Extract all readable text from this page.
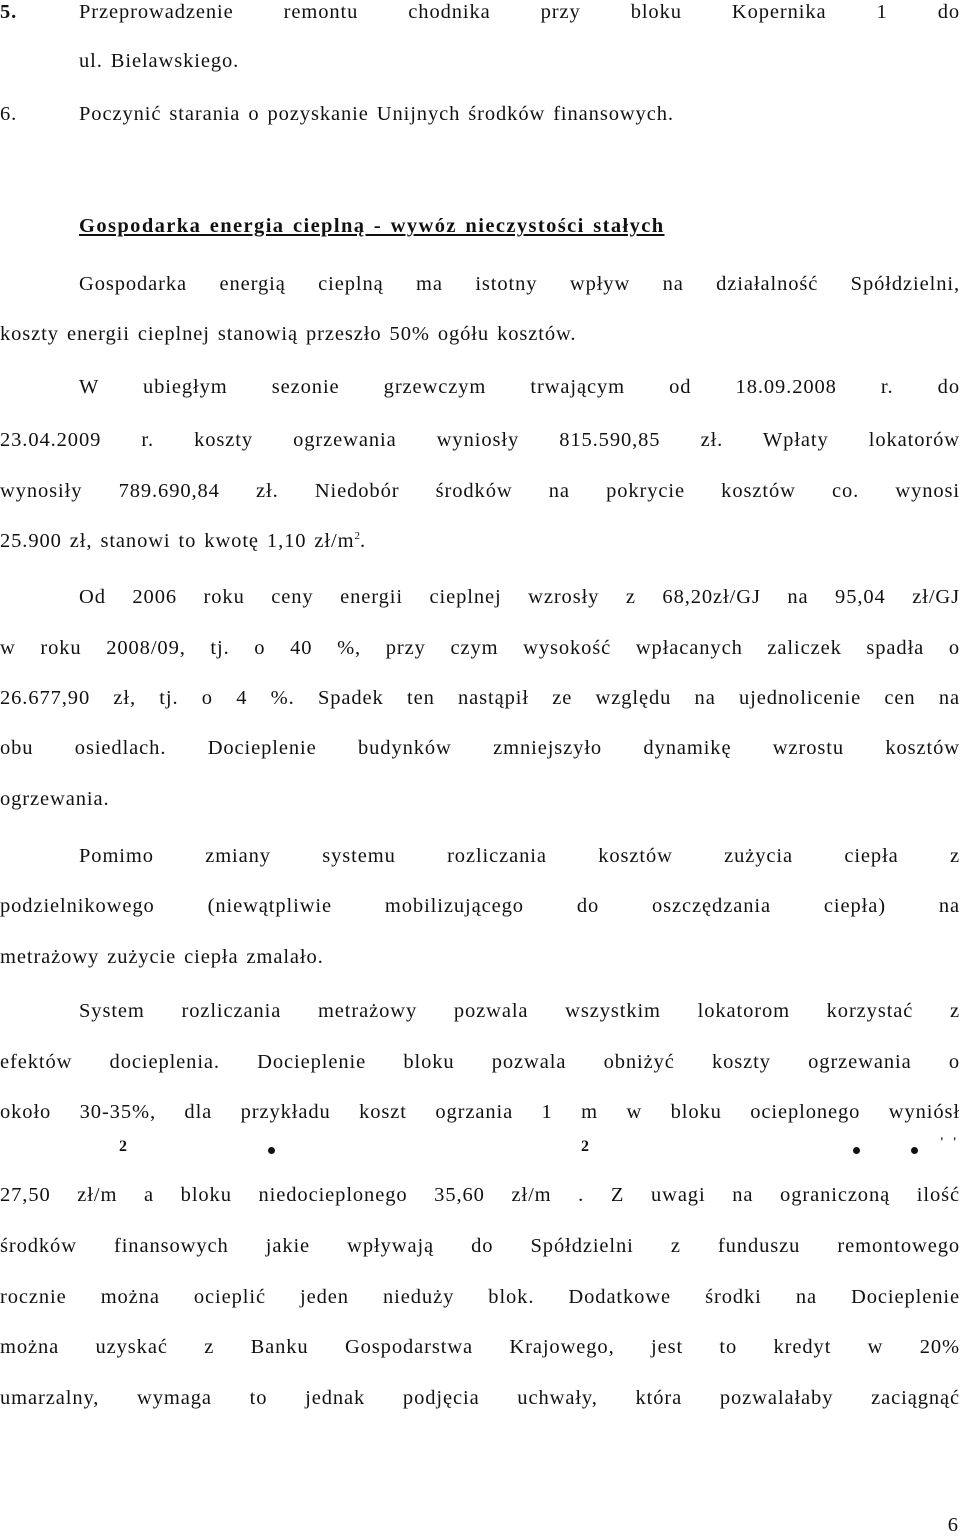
5.	Przeprowadzenie remontu chodnika przy bloku Kopernika 1 do
ul. Bielawskiego.
6.	Poczynić starania o pozyskanie Unijnych środków finansowych.
Gospodarka energia cieplną - wywóz nieczystości stałych
Gospodarka energią cieplną ma istotny wpływ na działalność Spółdzielni,
koszty energii cieplnej stanowią przeszło 50% ogółu kosztów.
W ubiegłym sezonie grzewczym trwającym od 18.09.2008 r. do
23.04.2009 r. koszty ogrzewania wyniosły 815.590,85 zł. Wpłaty lokatorów
wynosiły 789.690,84 zł. Niedobór środków na pokrycie kosztów co. wynosi
25.900 zł, stanowi to kwotę 1,10 $zł/m^2$.
Od 2006 roku ceny energii cieplnej wzrosły z 68,20zł/GJ na 95,04 zł/GJ
w roku 2008/09, tj. o 40 %, przy czym wysokość wpłacanych zaliczek spadła o
26.677,90 zł, tj. o 4 %. Spadek ten nastąpił ze względu na ujednolicenie cen na
obu osiedlach. Docieplenie budynków zmniejszyło dynamikę wzrostu kosztów
ogrzewania.
Pomimo zmiany systemu rozliczania kosztów zużycia ciepła z
podzielnikowego (niewątpliwie mobilizującego do oszczędzania ciepła) na
metrażowy zużycie ciepła zmalało.
System rozliczania metrażowy pozwala wszystkim lokatorom korzystać z
efektów docieplenia. Docieplenie bloku pozwala obniżyć koszty ogrzewania o
około 30-35%, dla przykładu koszt ogrzania 1 m w bloku ocieplonego wyniósł
2	2	' '
27,50 zł/m a bloku niedocieplonego 35,60 zł/m . Z uwagi na ograniczoną ilość
środków finansowych jakie wpływają do Spółdzielni z funduszu remontowego
rocznie można ocieplić jeden nieduży blok. Dodatkowe środki na Docieplenie
można uzyskać z Banku Gospodarstwa Krajowego, jest to kredyt w 20%
umarzalny, wymaga to jednak podjęcia uchwały, która pozwalałaby zaciągnąć
6
